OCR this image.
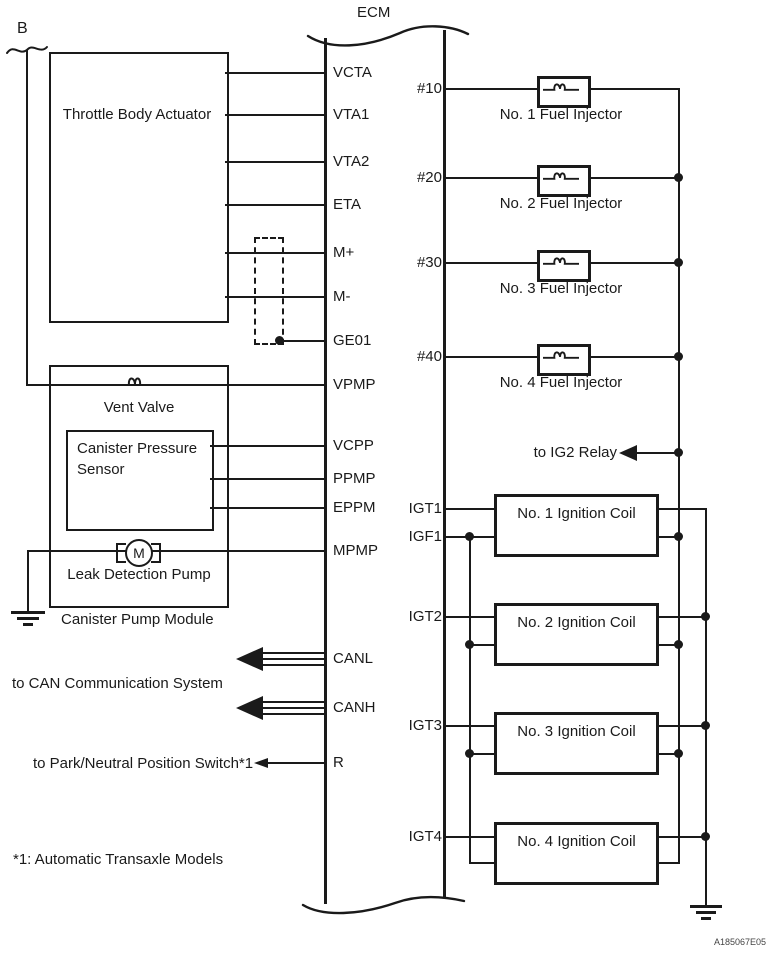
ECM
B
M
No. 1 Fuel Injector
No. 2 Fuel Injector
No. 3 Fuel Injector
No. 4 Fuel Injector
to IG2 Relay
No. 1 Ignition Coil
No. 2 Ignition Coil
No. 3 Ignition Coil
No. 4 Ignition Coil
VCTA
VTA1
VTA2
ETA
M+
M-
GE01
VPMP
VCPP
PPMP
EPPM
MPMP
CANL
CANH
R
#10
#20
#30
#40
IGT1
IGF1
IGT2
IGT3
IGT4
Throttle Body Actuator
Vent Valve
Canister Pressure Sensor
Leak Detection Pump
Canister Pump Module
to CAN Communication System
to Park/Neutral Position Switch*1
*1: Automatic Transaxle Models
A185067E05
